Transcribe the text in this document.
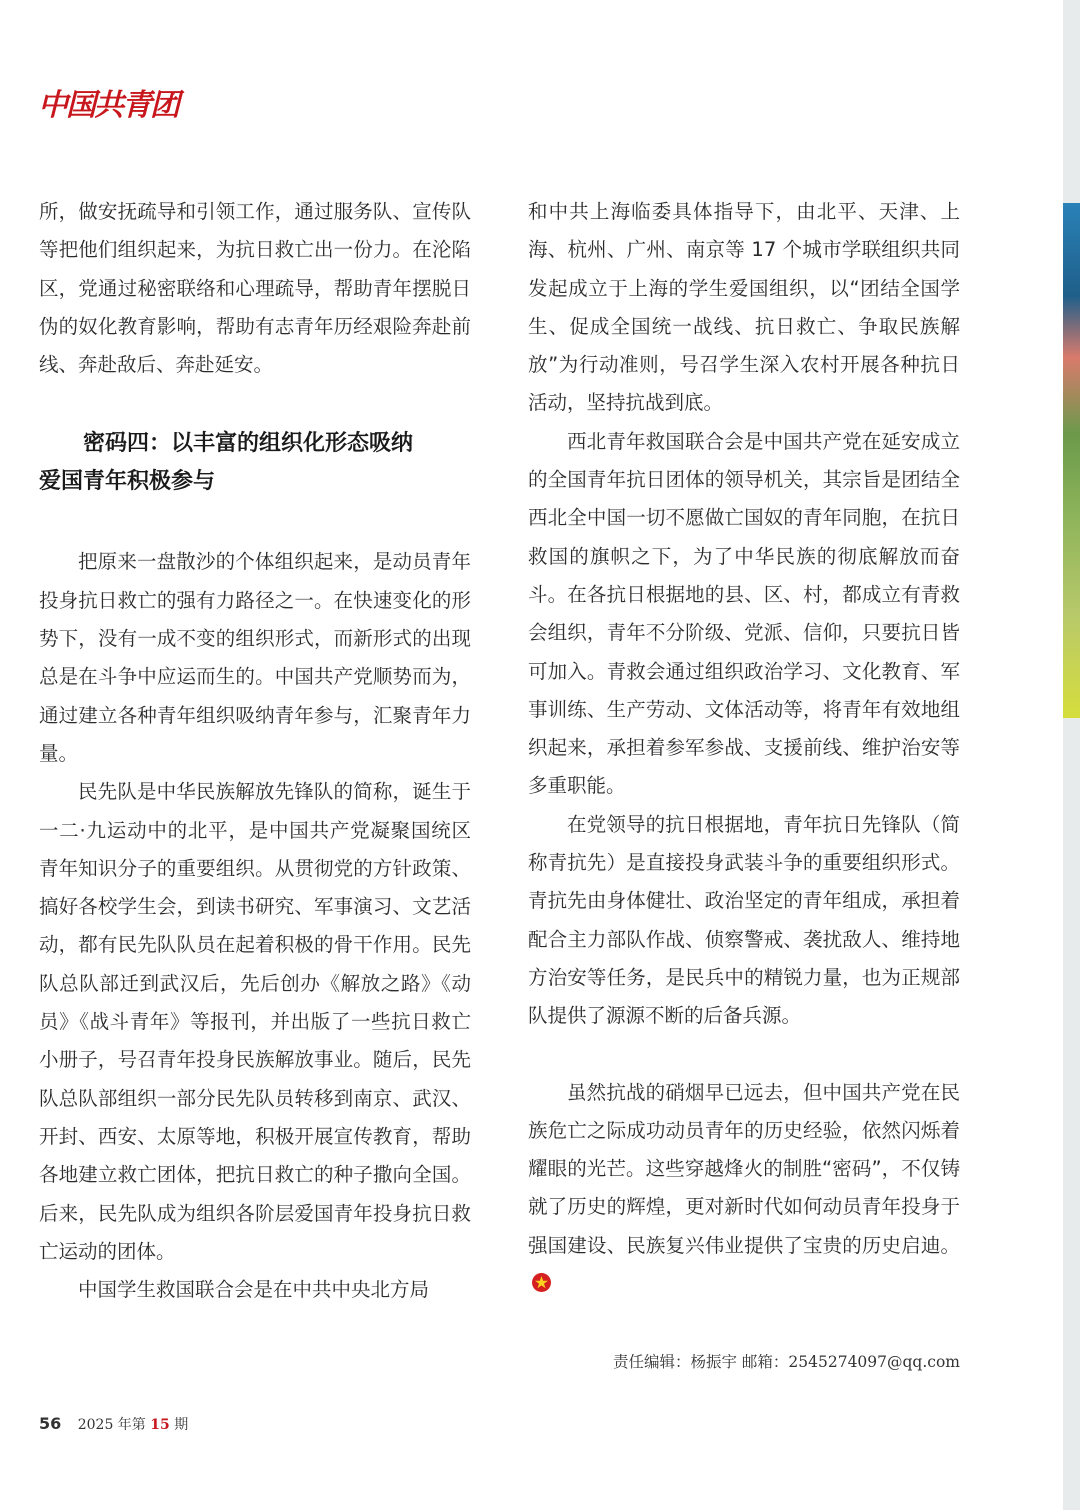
中国共青团

所，做安抚疏导和引领工作，通过服务队、宣传队等把他们组织起来，为抗日救亡出一份力。在沦陷区，党通过秘密联络和心理疏导，帮助青年摆脱日伪的奴化教育影响，帮助有志青年历经艰险奔赴前线、奔赴敌后、奔赴延安。

密码四：以丰富的组织化形态吸纳
爱国青年积极参与

把原来一盘散沙的个体组织起来，是动员青年投身抗日救亡的强有力路径之一。在快速变化的形势下，没有一成不变的组织形式，而新形式的出现总是在斗争中应运而生的。中国共产党顺势而为，通过建立各种青年组织吸纳青年参与，汇聚青年力量。

民先队是中华民族解放先锋队的简称，诞生于一二·九运动中的北平，是中国共产党凝聚国统区青年知识分子的重要组织。从贯彻党的方针政策、搞好各校学生会，到读书研究、军事演习、文艺活动，都有民先队队员在起着积极的骨干作用。民先队总队部迁到武汉后，先后创办《解放之路》《动员》《战斗青年》等报刊，并出版了一些抗日救亡小册子，号召青年投身民族解放事业。随后，民先队总队部组织一部分民先队员转移到南京、武汉、开封、西安、太原等地，积极开展宣传教育，帮助各地建立救亡团体，把抗日救亡的种子撒向全国。后来，民先队成为组织各阶层爱国青年投身抗日救亡运动的团体。

中国学生救国联合会是在中共中央北方局

和中共上海临委具体指导下，由北平、天津、上海、杭州、广州、南京等 17 个城市学联组织共同发起成立于上海的学生爱国组织，以“团结全国学生、促成全国统一战线、抗日救亡、争取民族解放”为行动准则，号召学生深入农村开展各种抗日活动，坚持抗战到底。

西北青年救国联合会是中国共产党在延安成立的全国青年抗日团体的领导机关，其宗旨是团结全西北全中国一切不愿做亡国奴的青年同胞，在抗日救国的旗帜之下，为了中华民族的彻底解放而奋斗。在各抗日根据地的县、区、村，都成立有青救会组织，青年不分阶级、党派、信仰，只要抗日皆可加入。青救会通过组织政治学习、文化教育、军事训练、生产劳动、文体活动等，将青年有效地组织起来，承担着参军参战、支援前线、维护治安等多重职能。

在党领导的抗日根据地，青年抗日先锋队（简称青抗先）是直接投身武装斗争的重要组织形式。青抗先由身体健壮、政治坚定的青年组成，承担着配合主力部队作战、侦察警戒、袭扰敌人、维持地方治安等任务，是民兵中的精锐力量，也为正规部队提供了源源不断的后备兵源。

虽然抗战的硝烟早已远去，但中国共产党在民族危亡之际成功动员青年的历史经验，依然闪烁着耀眼的光芒。这些穿越烽火的制胜“密码”，不仅铸就了历史的辉煌，更对新时代如何动员青年投身于强国建设、民族复兴伟业提供了宝贵的历史启迪。

责任编辑：杨振宇 邮箱：2545274097@qq.com
56 2025 年第 15 期
